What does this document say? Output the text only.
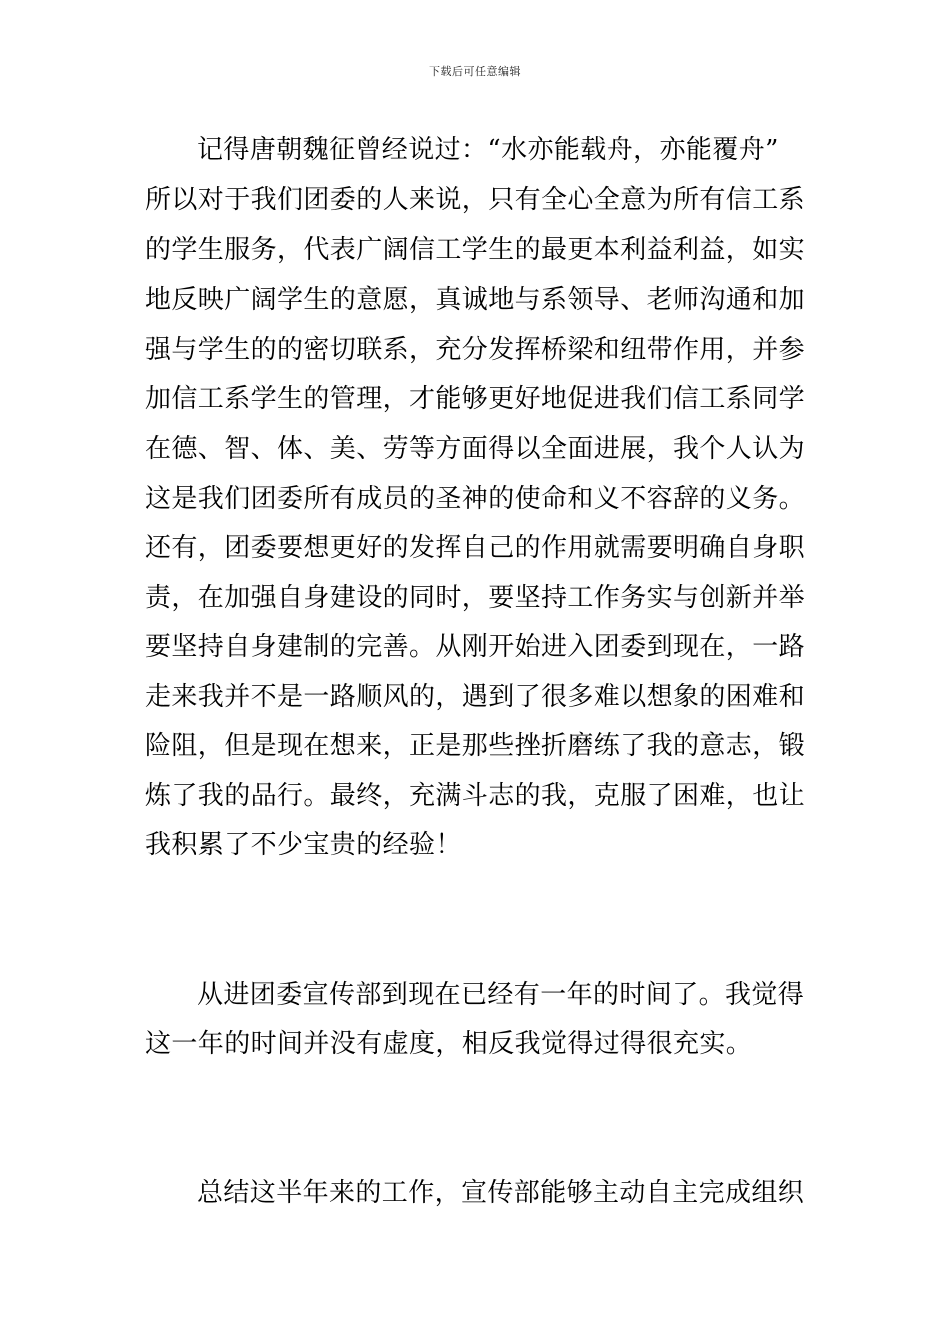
下载后可任意编辑
记得唐朝魏征曾经说过：“水亦能载舟，亦能覆舟”
所以对于我们团委的人来说，只有全心全意为所有信工系
的学生服务，代表广阔信工学生的最更本利益利益，如实
地反映广阔学生的意愿，真诚地与系领导、老师沟通和加
强与学生的的密切联系，充分发挥桥梁和纽带作用，并参
加信工系学生的管理，才能够更好地促进我们信工系同学
在德、智、体、美、劳等方面得以全面进展，我个人认为
这是我们团委所有成员的圣神的使命和义不容辞的义务。
还有，团委要想更好的发挥自己的作用就需要明确自身职
责，在加强自身建设的同时，要坚持工作务实与创新并举
要坚持自身建制的完善。从刚开始进入团委到现在，一路
走来我并不是一路顺风的，遇到了很多难以想象的困难和
险阻，但是现在想来，正是那些挫折磨练了我的意志，锻
炼了我的品行。最终，充满斗志的我，克服了困难，也让
我积累了不少宝贵的经验！
从进团委宣传部到现在已经有一年的时间了。我觉得
这一年的时间并没有虚度，相反我觉得过得很充实。
总结这半年来的工作，宣传部能够主动自主完成组织
